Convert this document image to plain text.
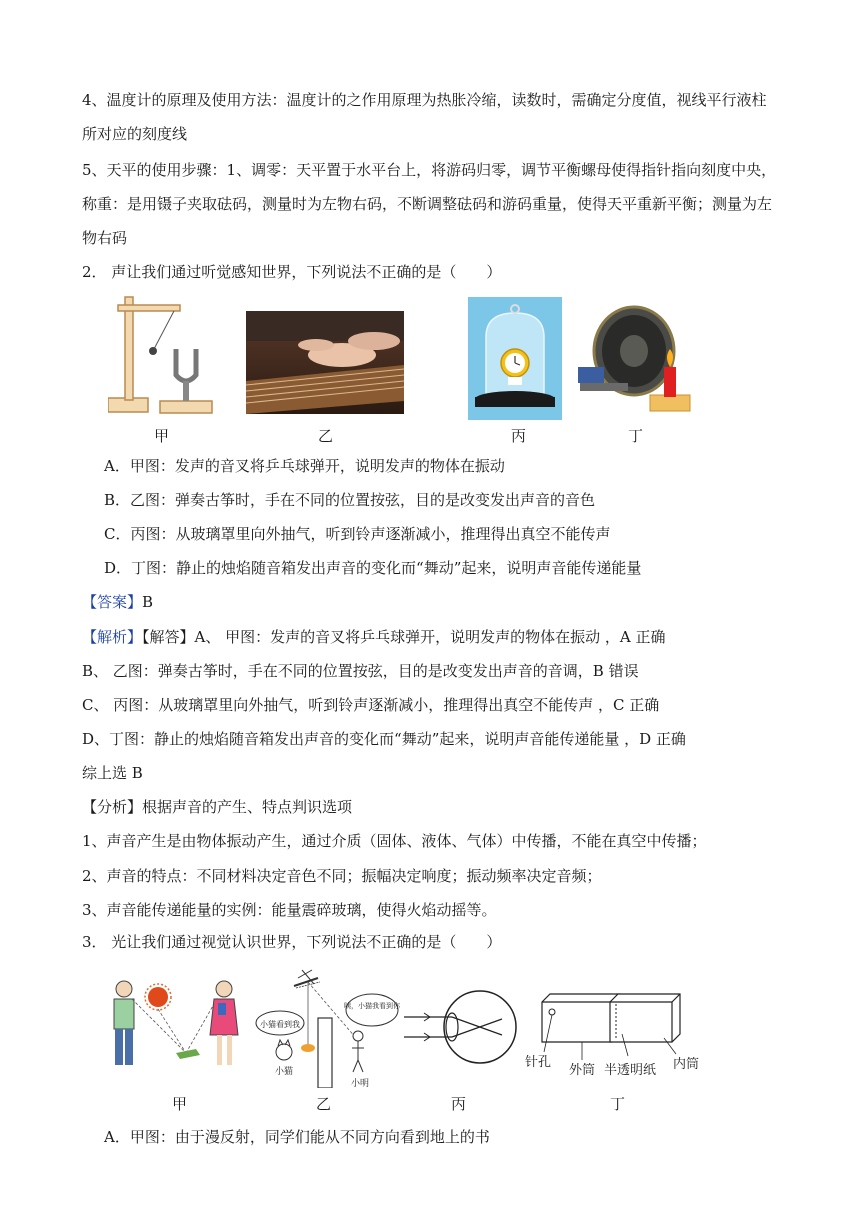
4、温度计的原理及使用方法：温度计的之作用原理为热胀冷缩，读数时，需确定分度值，视线平行液柱
所对应的刻度线
5、天平的使用步骤：1、调零：天平置于水平台上，将游码归零，调节平衡螺母使得指针指向刻度中央，
称重：是用镊子夹取砝码，测量时为左物右码，不断调整砝码和游码重量，使得天平重新平衡；测量为左
物右码
2． 声让我们通过听觉感知世界，下列说法不正确的是（　　）
甲	乙	丙	丁
A．甲图：发声的音叉将乒乓球弹开，说明发声的物体在振动
B．乙图：弹奏古筝时，手在不同的位置按弦，目的是改变发出声音的音色
C．丙图：从玻璃罩里向外抽气，听到铃声逐渐减小，推理得出真空不能传声
D．丁图：静止的烛焰随音箱发出声音的变化而“舞动”起来，说明声音能传递能量
【答案】B
【解析】【解答】A、 甲图：发声的音叉将乒乓球弹开，说明发声的物体在振动 ，A 正确
B、 乙图：弹奏古筝时，手在不同的位置按弦，目的是改变发出声音的音调，B 错误
C、 丙图：从玻璃罩里向外抽气，听到铃声逐渐减小，推理得出真空不能传声 ，C 正确
D、丁图：静止的烛焰随音箱发出声音的变化而“舞动”起来，说明声音能传递能量 ，D 正确
综上选 B
【分析】根据声音的产生、特点判识选项
1、声音产生是由物体振动产生，通过介质（固体、液体、气体）中传播，不能在真空中传播；
2、声音的特点：不同材料决定音色不同；振幅决定响度；振动频率决定音频；
3、声音能传递能量的实例：能量震碎玻璃，使得火焰动摇等。
3． 光让我们通过视觉认识世界，下列说法不正确的是（　　）
小猫看到我
咦，小猫我看到你
小猫
小明
针孔
外筒 半透明纸 内筒
甲	乙	丙	丁
A．甲图：由于漫反射，同学们能从不同方向看到地上的书
